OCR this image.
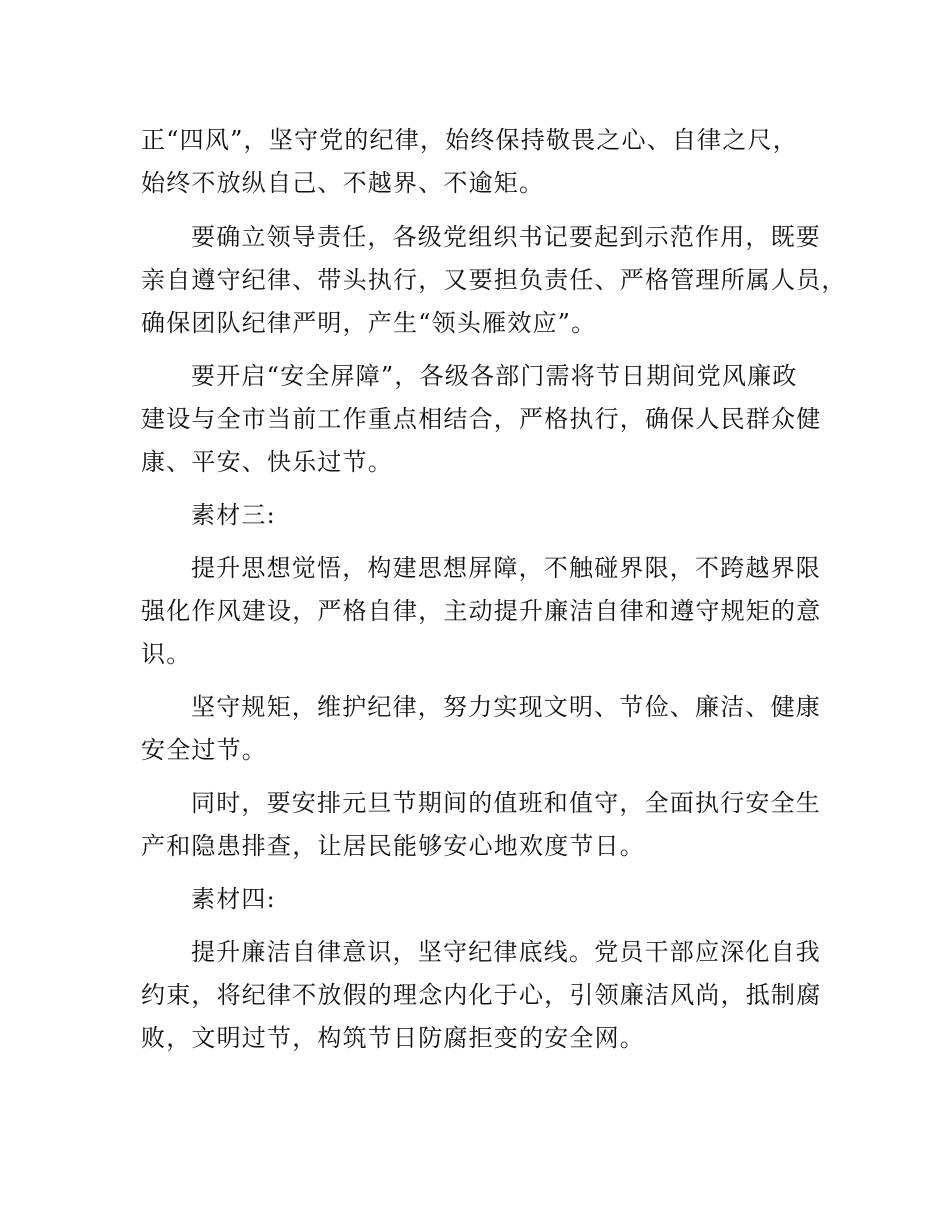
正“四风”，坚守党的纪律，始终保持敬畏之心、自律之尺，

始终不放纵自己、不越界、不逾矩。

要确立领导责任，各级党组织书记要起到示范作用，既要

亲自遵守纪律、带头执行，又要担负责任、严格管理所属人员，

确保团队纪律严明，产生“领头雁效应”。

要开启“安全屏障”，各级各部门需将节日期间党风廉政

建设与全市当前工作重点相结合，严格执行，确保人民群众健

康、平安、快乐过节。

素材三:

提升思想觉悟，构建思想屏障，不触碰界限，不跨越界限

强化作风建设，严格自律，主动提升廉洁自律和遵守规矩的意

识。

坚守规矩，维护纪律，努力实现文明、节俭、廉洁、健康

安全过节。

同时，要安排元旦节期间的值班和值守，全面执行安全生

产和隐患排查，让居民能够安心地欢度节日。

素材四:

提升廉洁自律意识，坚守纪律底线。党员干部应深化自我

约束，将纪律不放假的理念内化于心，引领廉洁风尚，抵制腐

败，文明过节，构筑节日防腐拒变的安全网。
